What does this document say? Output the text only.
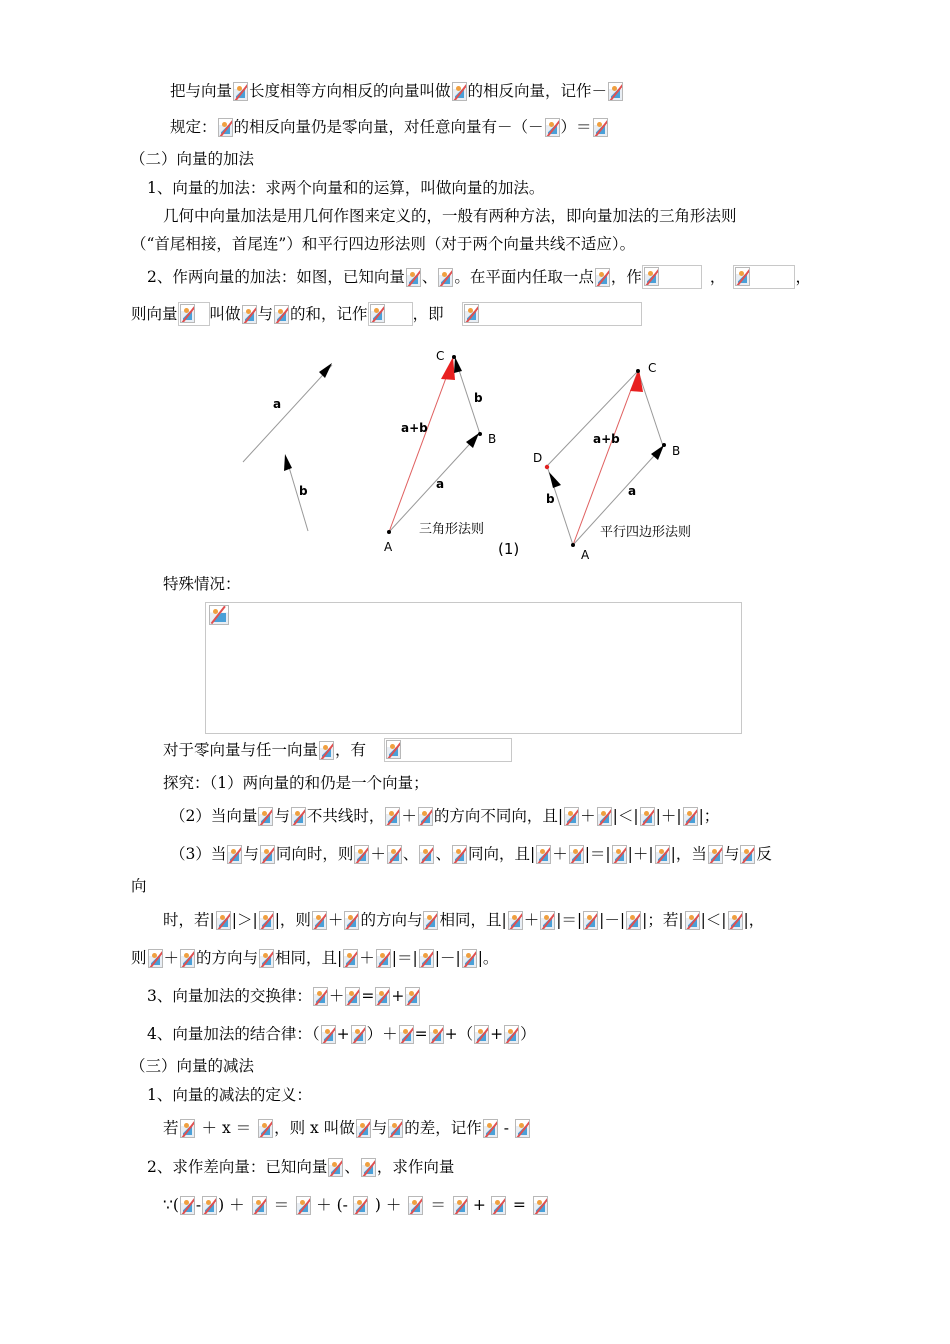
把与向量 长度相等方向相反的向量叫做 的相反向量，记作－
规定： 的相反向量仍是零向量，对任意向量有－（－ ）＝
（二）向量的加法
1、向量的加法：求两个向量和的运算，叫做向量的加法。
几何中向量加法是用几何作图来定义的，一般有两种方法，即向量加法的三角形法则
（“首尾相接，首尾连”）和平行四边形法则（对于两个向量共线不适应）。
2、作两向量的加法：如图，已知向量 、 。在平面内任取一点 ，作	，	，
则向量 叫做 与 的和，记作	，即
a
b
C
B
A
a+b
b
a
三角形法则
(1)
C
B
A
D
a+b
b
a
平行四边形法则
特殊情况：
对于零向量与任一向量 ，有
探究：（1）两向量的和仍是一个向量；
（2）当向量 与 不共线时， ＋ 的方向不同向，且| ＋ |＜| |＋| |；
（3）当 与 同向时，则 ＋ 、 、 同向，且| ＋ |＝| |＋| |，当 与 反
向
时，若| |＞| |，则 ＋ 的方向与 相同，且| ＋ |＝| |－| |；若| |＜| |，
则 ＋ 的方向与 相同，且| ＋ |＝| |－| |。
3、向量加法的交换律： ＋ = +
4、向量加法的结合律：（ + ）＋ = +（ + ）
（三）向量的减法
1、向量的减法的定义：
若 ＋ x ＝ ，则 x 叫做 与 的差，记作
-
2、求作差向量：已知向量 、 ，求作向量
∵( - ) ＋ ＝ ＋ (- ) ＋ ＝ + =
